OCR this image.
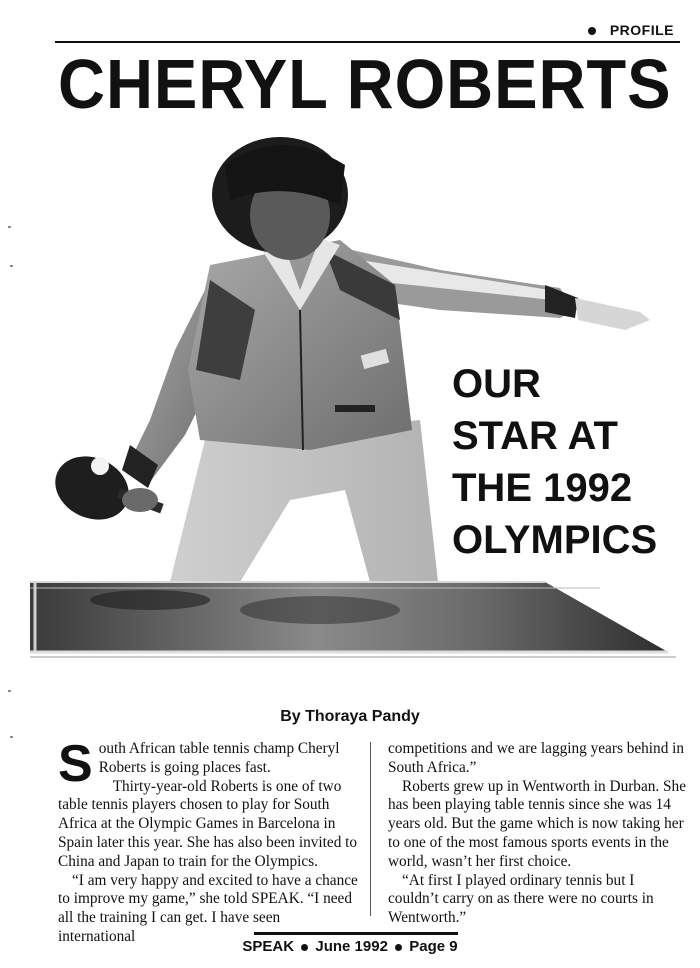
PROFILE
CHERYL ROBERTS
OUR
STAR AT
THE 1992
OLYMPICS
By Thoraya Pandy
S outh African table tennis champ Cheryl Roberts is going places fast.

Thirty-year-old Roberts is one of two table tennis players chosen to play for South Africa at the Olympic Games in Barcelona in Spain later this year. She has also been invited to China and Japan to train for the Olympics.

“I am very happy and excited to have a chance to improve my game,” she told SPEAK. “I need all the training I can get. I have seen international

competitions and we are lagging years behind in South Africa.”

Roberts grew up in Wentworth in Durban. She has been playing table tennis since she was 14 years old. But the game which is now taking her to one of the most famous sports events in the world, wasn’t her first choice.

“At first I played ordinary tennis but I couldn’t carry on as there were no courts in Wentworth.”

SPEAK June 1992 Page 9
